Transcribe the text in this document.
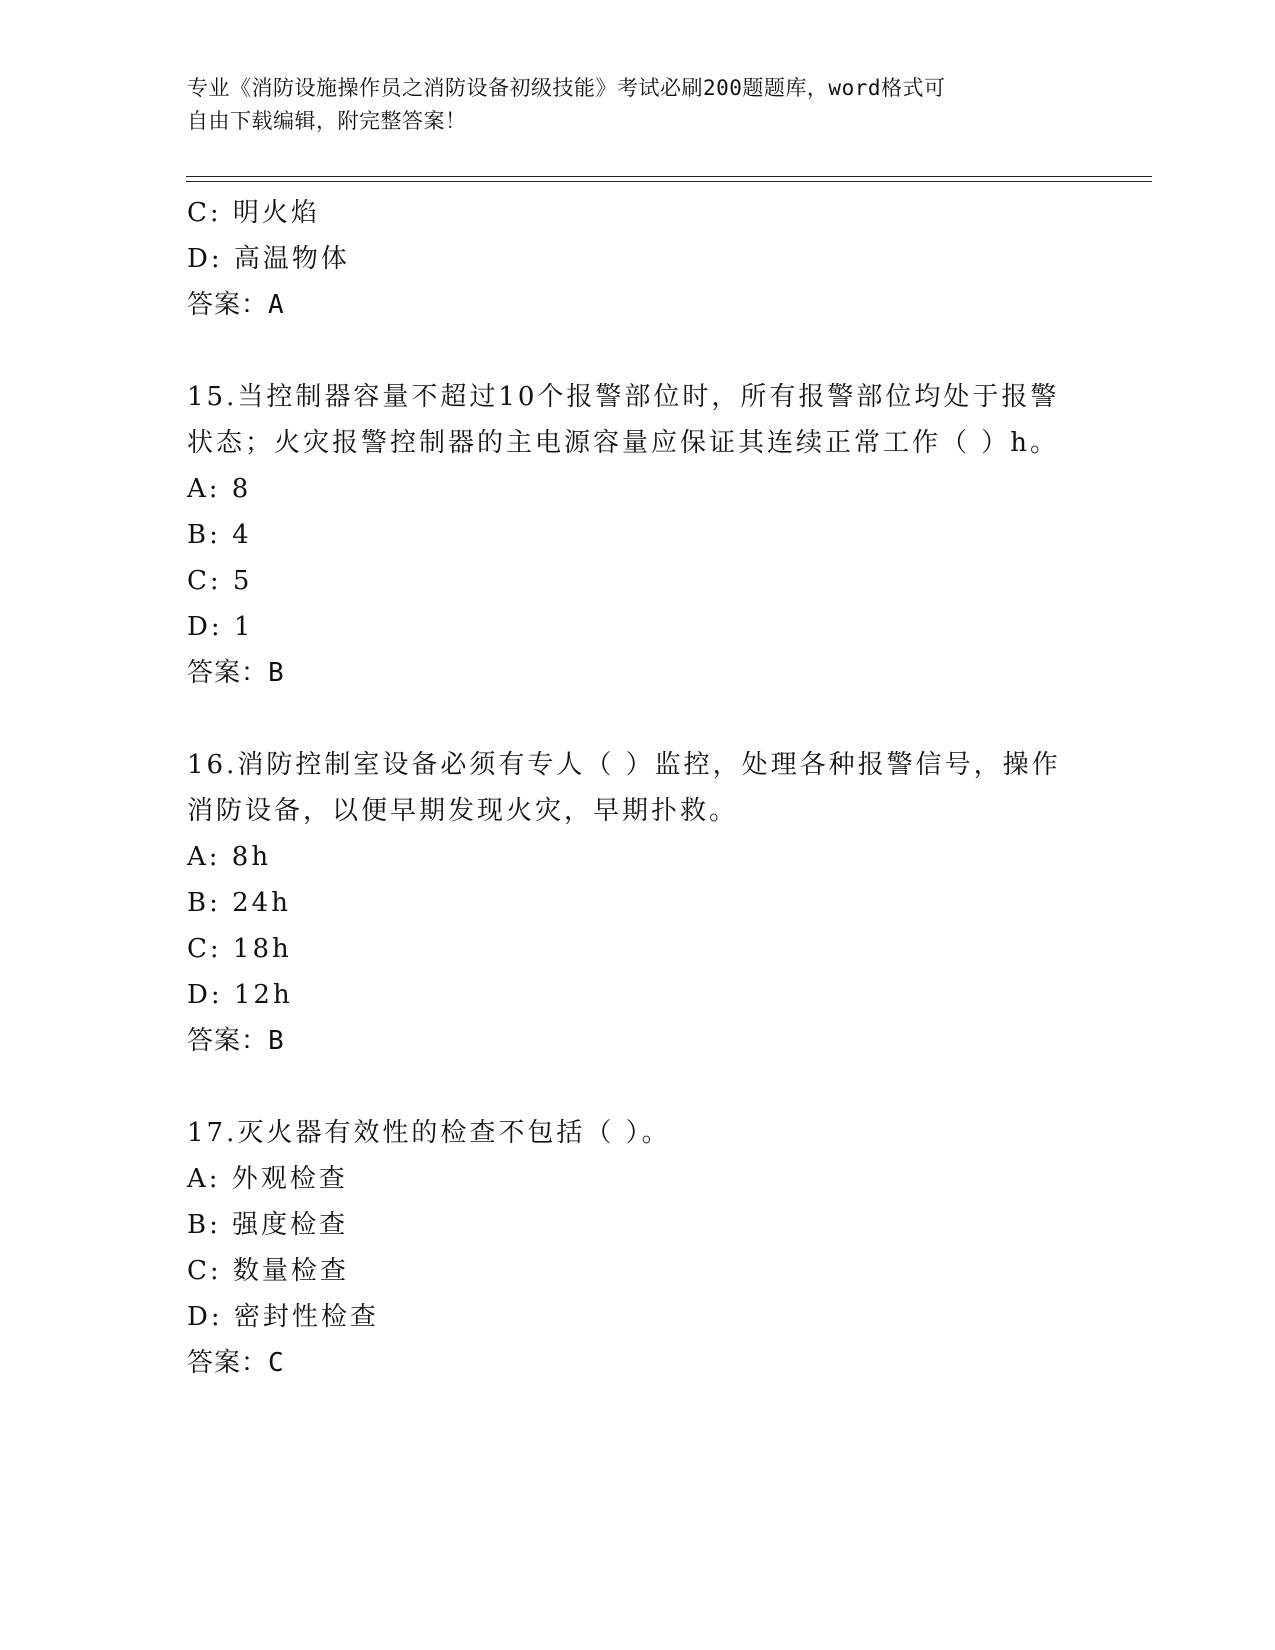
专业《消防设施操作员之消防设备初级技能》考试必刷200题题库，word格式可
自由下载编辑，附完整答案！
C: 明火焰
D: 高温物体
答案：A
15.当控制器容量不超过10个报警部位时，所有报警部位均处于报警
状态；火灾报警控制器的主电源容量应保证其连续正常工作（ ）h。
A: 8
B: 4
C: 5
D: 1
答案：B
16.消防控制室设备必须有专人（ ）监控，处理各种报警信号，操作
消防设备，以便早期发现火灾，早期扑救。
A: 8h
B: 24h
C: 18h
D: 12h
答案：B
17.灭火器有效性的检查不包括（ ）。
A: 外观检查
B: 强度检查
C: 数量检查
D: 密封性检查
答案：C
